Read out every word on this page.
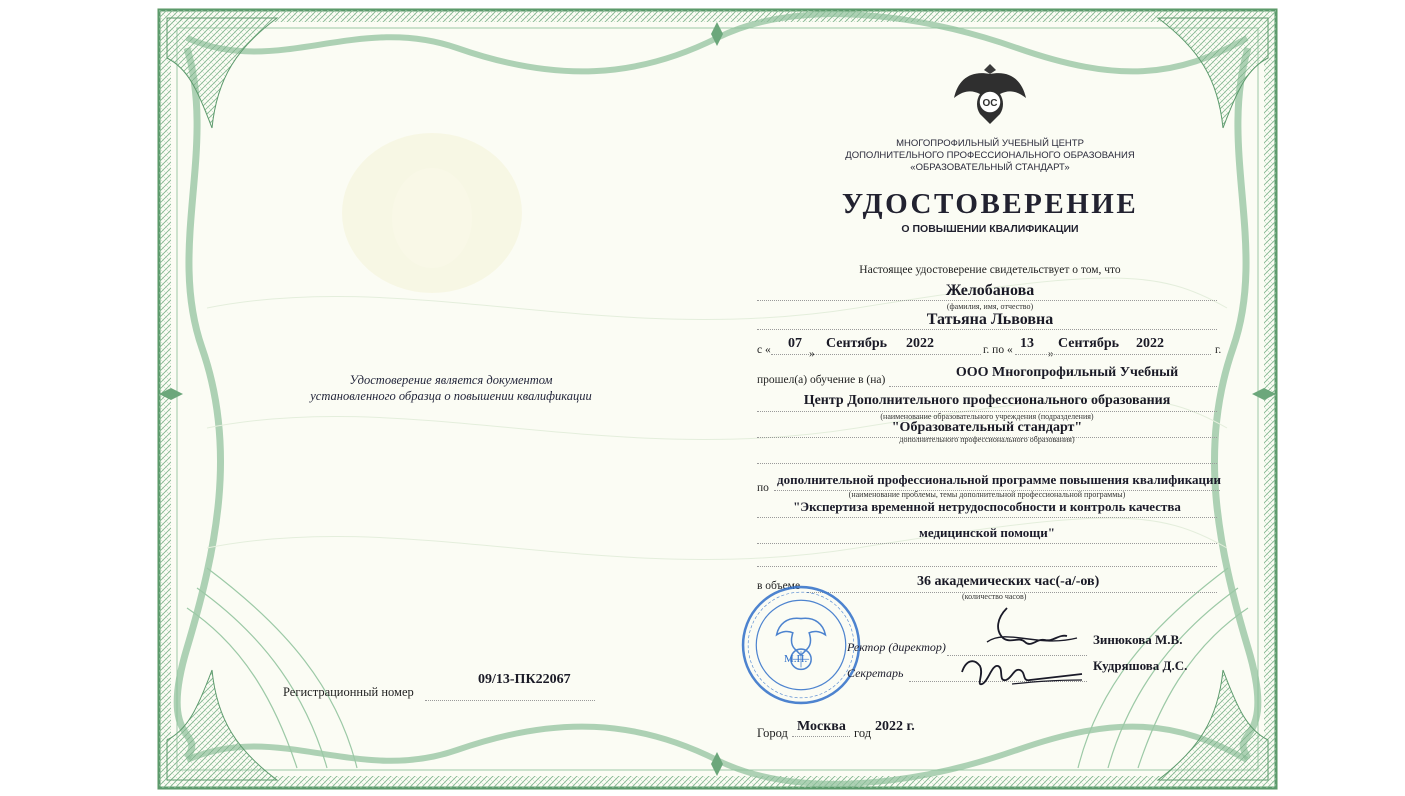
Удостоверение является документом
установленного образца о повышении квалификации
Регистрационный номер
09/13-ПК22067
ОС
МНОГОПРОФИЛЬНЫЙ УЧЕБНЫЙ ЦЕНТР
ДОПОЛНИТЕЛЬНОГО ПРОФЕССИОНАЛЬНОГО ОБРАЗОВАНИЯ
«ОБРАЗОВАТЕЛЬНЫЙ СТАНДАРТ»
УДОСТОВЕРЕНИЕ
О ПОВЫШЕНИИ КВАЛИФИКАЦИИ
Настоящее удостоверение свидетельствует о том, что
Желобанова
(фамилия, имя, отчество)
Татьяна Львовна
с « 07
»
Сентябрь 2022	г. по « 13
»
Сентябрь 2022	г.
прошел(а) обучение в (на)	ООО Многопрофильный Учебный
Центр Дополнительного профессионального образования
(наименование образовательного учреждения (подразделения)
"Образовательный стандарт"
дополнительного профессионального образования)
по
дополнительной профессиональной программе повышения квалификации
(наименование проблемы, темы дополнительной профессиональной программы)
"Экспертиза временной нетрудоспособности и контроль качества
медицинской помощи"
в объеме	36 академических час(-а/-ов)
(количество часов)
М.П.
Ректор (директор)	Зинюкова М.В.
Секретарь	Кудряшова Д.С.
Город Москва год 2022 г.
